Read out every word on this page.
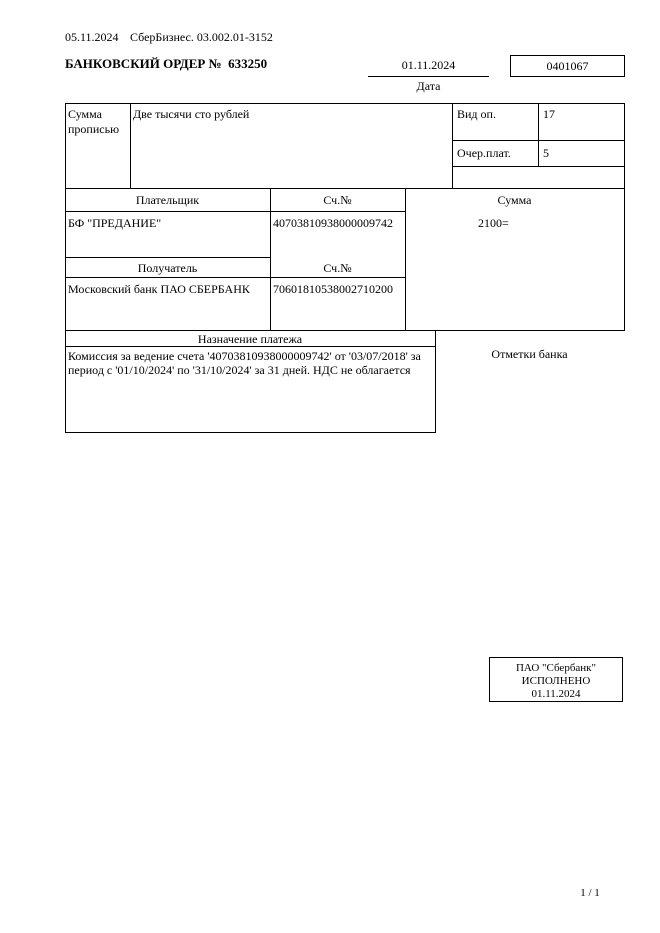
05.11.2024 СберБизнес. 03.002.01-3152
БАНКОВСКИЙ ОРДЕР №  633250	01.11.2024
Дата
0401067
Сумма прописью
Две тысячи сто рублей	Вид оп.	17
Очер.плат.	5
Плательщик	Сч.№	Сумма
БФ "ПРЕДАНИЕ"	40703810938000009742	2100=
Получатель	Сч.№
Московский банк ПАО СБЕРБАНК 70601810538002710200
Назначение платежа
Комиссия за ведение счета '40703810938000009742' от '03/07/2018' за период с '01/10/2024' по '31/10/2024' за 31 дней. НДС не облагается
Отметки банка
ПАО "Сбербанк"
ИСПОЛНЕНО
01.11.2024
1 / 1
